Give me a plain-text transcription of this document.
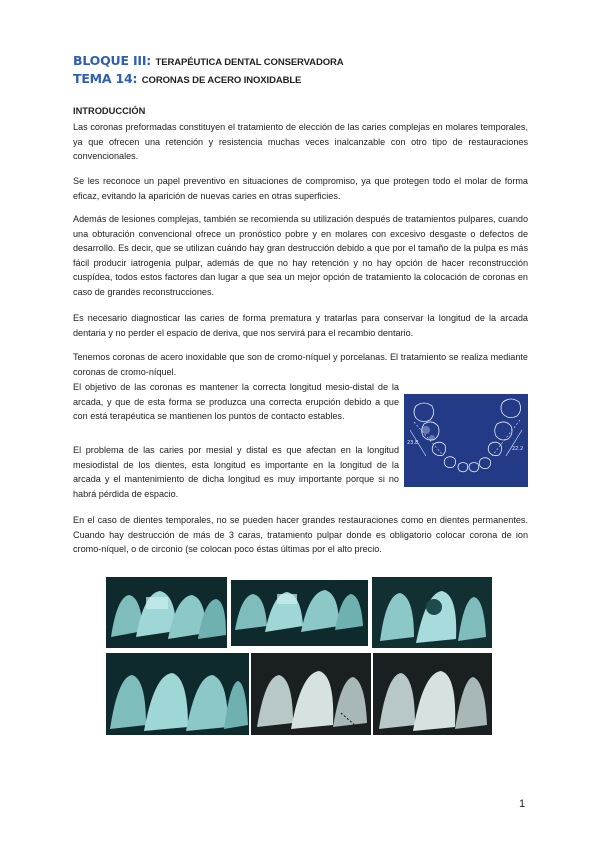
BLOQUE III: TERAPÉUTICA DENTAL CONSERVADORA
TEMA 14: CORONAS DE ACERO INOXIDABLE
INTRODUCCIÓN

Las coronas preformadas constituyen el tratamiento de elección de las caries complejas en molares temporales, ya que ofrecen una retención y resistencia muchas veces inalcanzable con otro tipo de restauraciones convencionales.

Se les reconoce un papel preventivo en situaciones de compromiso, ya que protegen todo el molar de forma eficaz, evitando la aparición de nuevas caries en otras superficies.

Además de lesiones complejas, también se recomienda su utilización después de tratamientos pulpares, cuando una obturación convencional ofrece un pronóstico pobre y en molares con excesivo desgaste o defectos de desarrollo. Es decir, que se utilizan cuándo hay gran destrucción debido a que por el tamaño de la pulpa es más fácil producir iatrogenia pulpar, además de que no hay retención y no hay opción de hacer reconstrucción cuspídea, todos estos factores dan lugar a que sea un mejor opción de tratamiento la colocación de coronas en caso de grandes reconstrucciones.

Es necesario diagnosticar las caries de forma prematura y tratarlas para conservar la longitud de la arcada dentaria y no perder el espacio de deriva, que nos servirá para el recambio dentario.

Tenemos coronas de acero inoxidable que son de cromo-níquel y porcelanas. El tratamiento se realiza mediante coronas de cromo-níquel.

El objetivo de las coronas es mantener la correcta longitud mesio-distal de la arcada, y que de esta forma se produzca una correcta erupción debido a que con está terapéutica se mantienen los puntos de contacto estables.

El problema de las caries por mesial y distal es que afectan en la longitud mesiodistal de los dientes, esta longitud es importante en la longitud de la arcada y el mantenimiento de dicha longitud es muy importante porque si no habrá pérdida de espacio.

En el caso de dientes temporales, no se pueden hacer grandes restauraciones como en dientes permanentes. Cuando hay destrucción de más de 3 caras, tratamiento pulpar donde es obligatorio colocar corona de ion cromo-níquel, o de circonio (se colocan poco éstas últimas por el alto precio.

23.8
22.2
1
